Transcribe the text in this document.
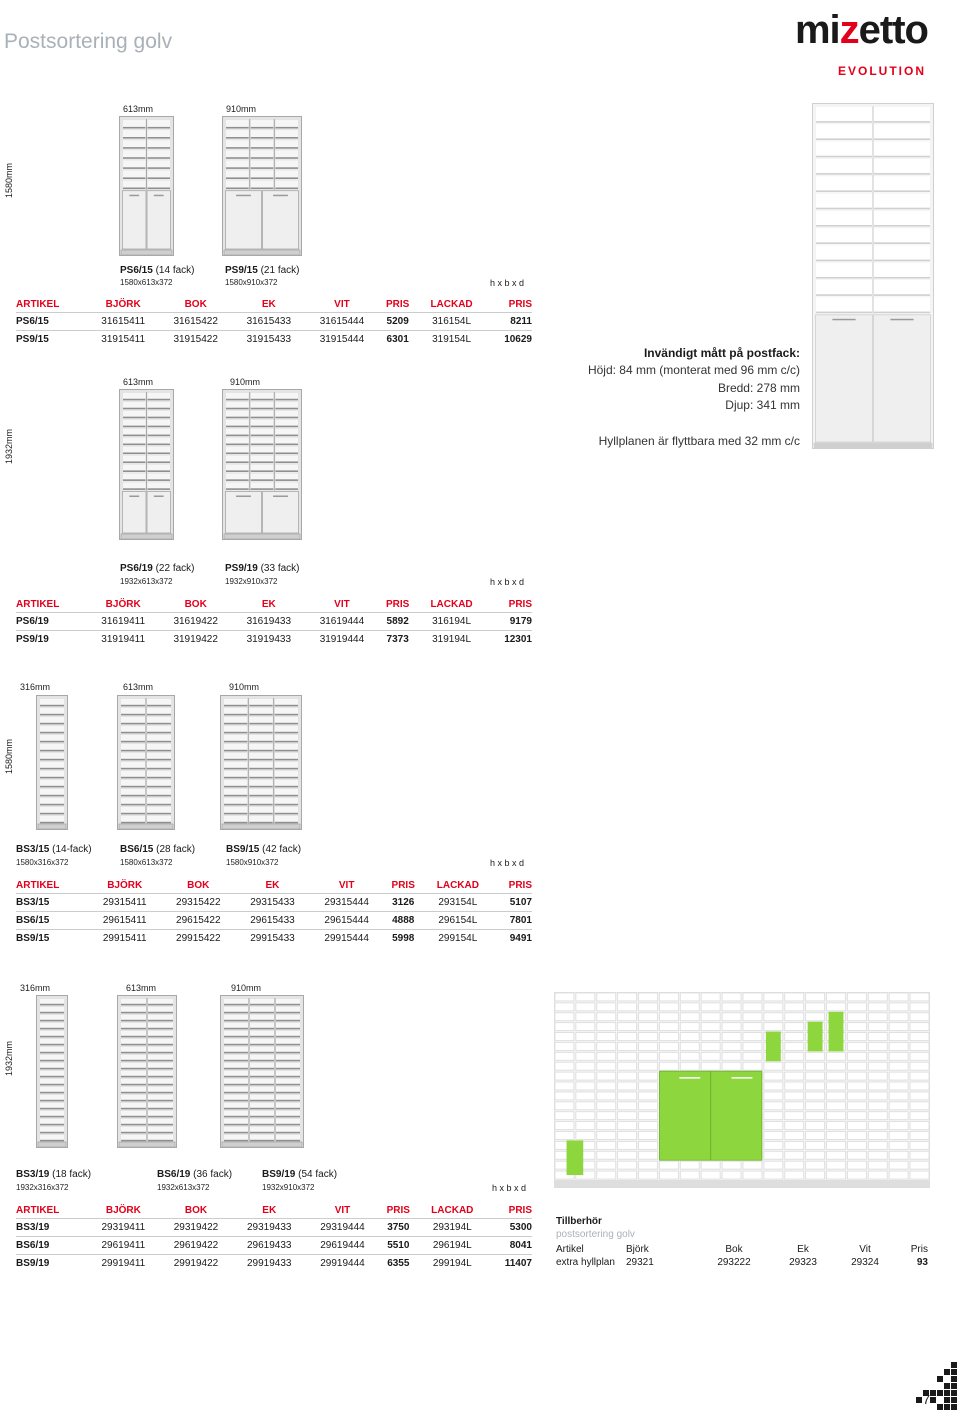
Postsortering golv	mizetto
EVOLUTION
1580mm
613mm	910mm
PS6/15 (14 fack)
1580x613x372
PS9/15 (21 fack)
1580x910x372	h x b x d
ARTIKEL	BJÖRK	BOK	EK	VIT	PRIS	LACKAD	PRIS
PS6/15	31615411	31615422	31615433	31615444	5209	316154L	8211
PS9/15	31915411	31915422	31915433	31915444	6301	319154L	10629
Invändigt mått på postfack:
Höjd: 84 mm (monterat med 96 mm c/c)
Bredd: 278 mm
Djup: 341 mm
Hyllplanen är flyttbara med 32 mm c/c
1932mm
613mm	910mm
PS6/19 (22 fack)
1932x613x372
PS9/19 (33 fack)
1932x910x372	h x b x d
ARTIKEL	BJÖRK	BOK	EK	VIT	PRIS	LACKAD	PRIS
PS6/19	31619411	31619422	31619433	31619444	5892	316194L	9179
PS9/19	31919411	31919422	31919433	31919444	7373	319194L	12301
1580mm
316mm	613mm	910mm
BS3/15 (14-fack)
1580x316x372
BS6/15 (28 fack)
1580x613x372
BS9/15 (42 fack)
1580x910x372	h x b x d
ARTIKEL	BJÖRK	BOK	EK	VIT	PRIS	LACKAD	PRIS
BS3/15	29315411	29315422	29315433	29315444	3126	293154L	5107
BS6/15	29615411	29615422	29615433	29615444	4888	296154L	7801
BS9/15	29915411	29915422	29915433	29915444	5998	299154L	9491
1932mm
316mm	613mm	910mm
BS3/19 (18 fack)
1932x316x372
BS6/19 (36 fack)
1932x613x372
BS9/19 (54 fack)
1932x910x372	h x b x d
ARTIKEL	BJÖRK	BOK	EK	VIT	PRIS	LACKAD	PRIS
BS3/19	29319411	29319422	29319433	29319444	3750	293194L	5300
BS6/19	29619411	29619422	29619433	29619444	5510	296194L	8041
BS9/19	29919411	29919422	29919433	29919444	6355	299194L	11407
Tillberhör
postsortering golv
Artikel	Björk	Bok	Ek	Vit	Pris
extra hyllplan	29321	293222	29323	29324	93
7
